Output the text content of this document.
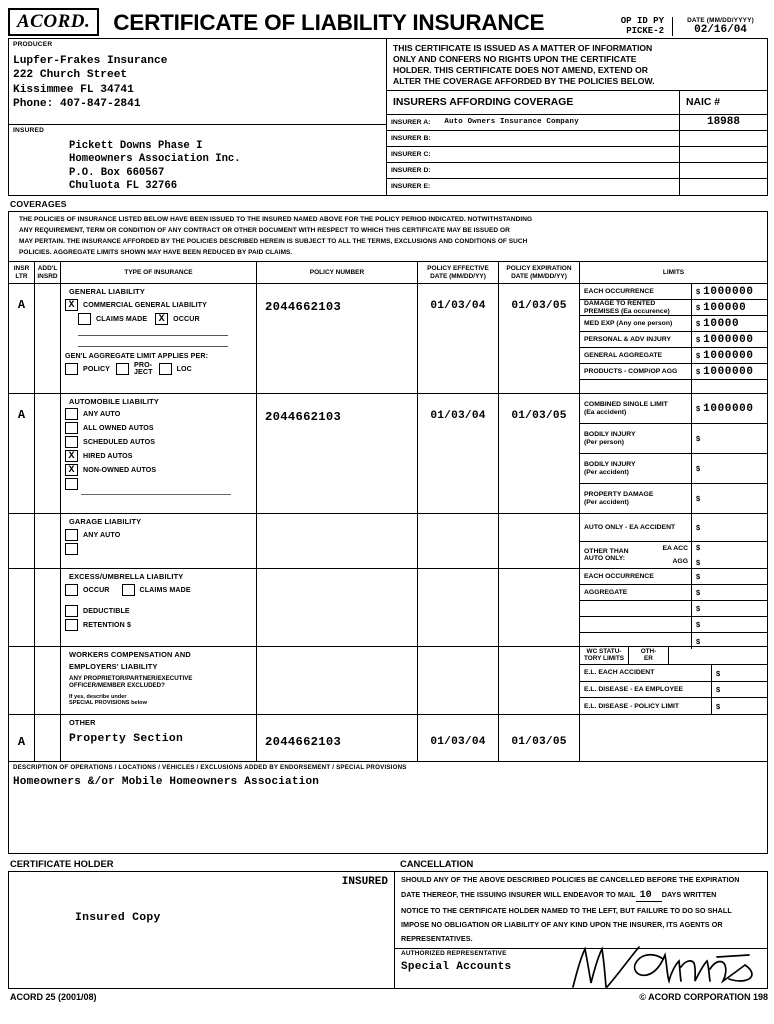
ACORD.	CERTIFICATE OF LIABILITY INSURANCE	OP ID PY
PICKE-2
DATE (MM/DD/YYYY)
02/16/04
PRODUCER
Lupfer-Frakes Insurance
222 Church Street
Kissimmee FL 34741
Phone: 407-847-2841
INSURED
Pickett Downs Phase I
Homeowners Association Inc.
P.O. Box 660567
Chuluota FL 32766

THIS CERTIFICATE IS ISSUED AS A MATTER OF INFORMATION

ONLY AND CONFERS NO RIGHTS UPON THE CERTIFICATE

HOLDER. THIS CERTIFICATE DOES NOT AMEND, EXTEND OR

ALTER THE COVERAGE AFFORDED BY THE POLICIES BELOW.

INSURERS AFFORDING COVERAGE	NAIC #
INSURER A: Auto Owners Insurance Company	18988
INSURER B:
INSURER C:
INSURER D:
INSURER E:
COVERAGES

THE POLICIES OF INSURANCE LISTED BELOW HAVE BEEN ISSUED TO THE INSURED NAMED ABOVE FOR THE POLICY PERIOD INDICATED. NOTWITHSTANDING

ANY REQUIREMENT, TERM OR CONDITION OF ANY CONTRACT OR OTHER DOCUMENT WITH RESPECT TO WHICH THIS CERTIFICATE MAY BE ISSUED OR

MAY PERTAIN. THE INSURANCE AFFORDED BY THE POLICIES DESCRIBED HEREIN IS SUBJECT TO ALL THE TERMS, EXCLUSIONS AND CONDITIONS OF SUCH

POLICIES. AGGREGATE LIMITS SHOWN MAY HAVE BEEN REDUCED BY PAID CLAIMS.

INSR
LTR
ADD'L
INSRD
TYPE OF INSURANCE	POLICY NUMBER
POLICY EFFECTIVE
DATE (MM/DD/YY)
POLICY EXPIRATION
DATE (MM/DD/YY)
LIMITS
A
GENERAL LIABILITY
X	COMMERCIAL GENERAL LIABILITY
CLAIMS MADE	X	OCCUR
GEN'L AGGREGATE LIMIT APPLIES PER:
POLICY
PRO-
JECT	LOC
2044662103	01/03/04	01/03/05
EACH OCCURRENCE	$ 1000000
DAMAGE TO RENTED
PREMISES (Ea occurence)	$ 100000
MED EXP (Any one person)	$ 10000
PERSONAL & ADV INJURY	$ 1000000
GENERAL AGGREGATE	$ 1000000
PRODUCTS - COMP/OP AGG	$ 1000000
A
AUTOMOBILE LIABILITY
ANY AUTO
ALL OWNED AUTOS
SCHEDULED AUTOS
X	HIRED AUTOS
X	NON-OWNED AUTOS
2044662103	01/03/04	01/03/05
COMBINED SINGLE LIMIT
(Ea accident)	$ 1000000
BODILY INJURY
(Per person)	$
BODILY INJURY
(Per accident)	$
PROPERTY DAMAGE
(Per accident)	$
GARAGE LIABILITY
ANY AUTO
AUTO ONLY - EA ACCIDENT	$
OTHER THAN
AUTO ONLY:
EA ACC
AGG
$
$
EXCESS/UMBRELLA LIABILITY
OCCUR	CLAIMS MADE
DEDUCTIBLE
RETENTION $
EACH OCCURRENCE	$
AGGREGATE	$
$
$
$
WORKERS COMPENSATION AND
EMPLOYERS' LIABILITY
ANY PROPRIETOR/PARTNER/EXECUTIVE
OFFICER/MEMBER EXCLUDED?
If yes, describe under
SPECIAL PROVISIONS below
WC STATU-
TORY LIMITS
OTH-
ER
E.L. EACH ACCIDENT	$
E.L. DISEASE - EA EMPLOYEE	$
E.L. DISEASE - POLICY LIMIT	$
A
OTHER
Property Section	2044662103	01/03/04	01/03/05
DESCRIPTION OF OPERATIONS / LOCATIONS / VEHICLES / EXCLUSIONS ADDED BY ENDORSEMENT / SPECIAL PROVISIONS
Homeowners &/or Mobile Homeowners Association
CERTIFICATE HOLDER	CANCELLATION
INSURED
Insured Copy

SHOULD ANY OF THE ABOVE DESCRIBED POLICIES BE CANCELLED BEFORE THE EXPIRATION

DATE THEREOF, THE ISSUING INSURER WILL ENDEAVOR TO MAIL 10 DAYS WRITTEN

NOTICE TO THE CERTIFICATE HOLDER NAMED TO THE LEFT, BUT FAILURE TO DO SO SHALL

IMPOSE NO OBLIGATION OR LIABILITY OF ANY KIND UPON THE INSURER, ITS AGENTS OR

REPRESENTATIVES.

AUTHORIZED REPRESENTATIVE
Special Accounts
ACORD 25 (2001/08)	© ACORD CORPORATION 198
